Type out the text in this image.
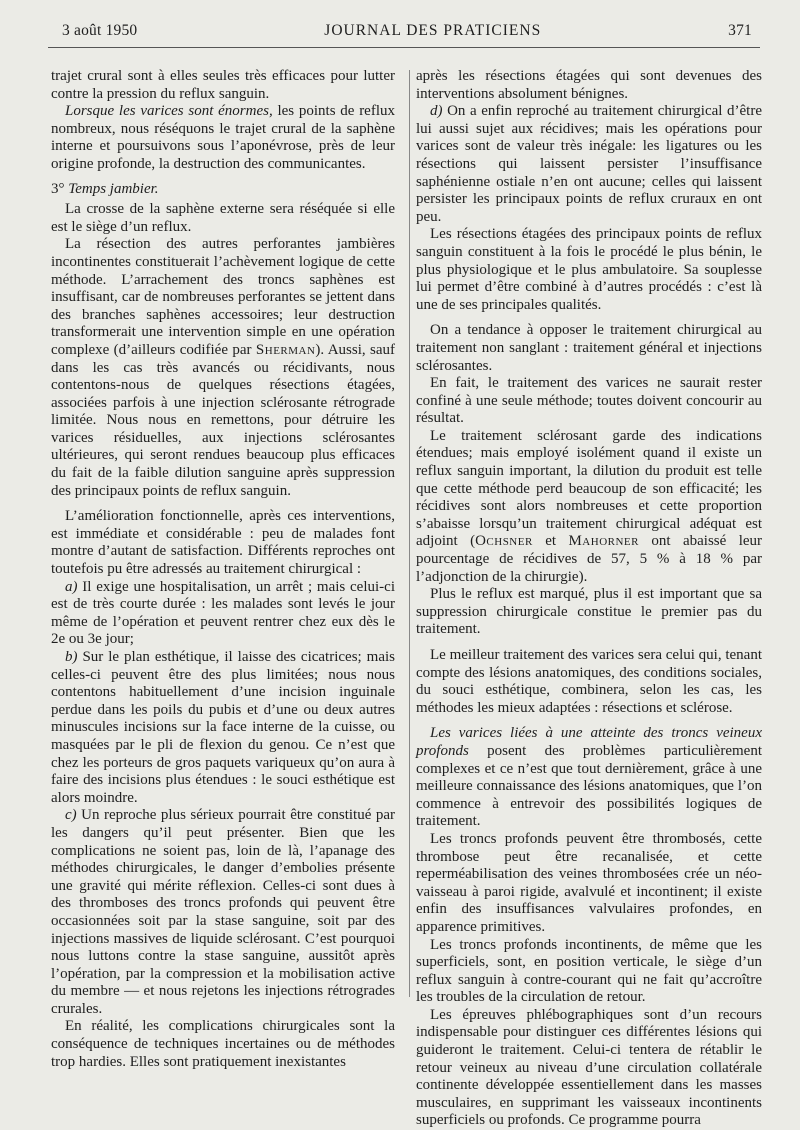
3 août 1950	JOURNAL DES PRATICIENS	371

trajet crural sont à elles seules très efficaces pour lutter contre la pression du reflux sanguin.

Lorsque les varices sont énormes, les points de reflux nombreux, nous réséquons le trajet crural de la saphène interne et poursuivons sous l’aponévrose, près de leur origine profonde, la destruction des communicantes.

3° Temps jambier.

La crosse de la saphène externe sera réséquée si elle est le siège d’un reflux.

La résection des autres perforantes jambières incontinentes constituerait l’achèvement logique de cette méthode. L’arrachement des troncs saphènes est insuffisant, car de nombreuses perforantes se jettent dans des branches saphènes accessoires; leur destruction transformerait une intervention simple en une opération complexe (d’ailleurs codifiée par Sherman). Aussi, sauf dans les cas très avancés ou récidivants, nous contentons-nous de quelques résections étagées, associées parfois à une injection sclérosante rétrograde limitée. Nous nous en remettons, pour détruire les varices résiduelles, aux injections sclérosantes ultérieures, qui seront rendues beaucoup plus efficaces du fait de la faible dilution sanguine après suppression des principaux points de reflux sanguin.

L’amélioration fonctionnelle, après ces interventions, est immédiate et considérable : peu de malades font montre d’autant de satisfaction. Différents reproches ont toutefois pu être adressés au traitement chirurgical :

a) Il exige une hospitalisation, un arrêt ; mais celui-ci est de très courte durée : les malades sont levés le jour même de l’opération et peuvent rentrer chez eux dès le 2e ou 3e jour;

b) Sur le plan esthétique, il laisse des cicatrices; mais celles-ci peuvent être des plus limitées; nous nous contentons habituellement d’une incision inguinale perdue dans les poils du pubis et d’une ou deux autres minuscules incisions sur la face interne de la cuisse, ou masquées par le pli de flexion du genou. Ce n’est que chez les porteurs de gros paquets variqueux qu’on aura à faire des incisions plus étendues : le souci esthétique est alors moindre.

c) Un reproche plus sérieux pourrait être constitué par les dangers qu’il peut présenter. Bien que les complications ne soient pas, loin de là, l’apanage des méthodes chirurgicales, le danger d’embolies présente une gravité qui mérite réflexion. Celles-ci sont dues à des thromboses des troncs profonds qui peuvent être occasionnées soit par la stase sanguine, soit par des injections massives de liquide sclérosant. C’est pourquoi nous luttons contre la stase sanguine, aussitôt après l’opération, par la compression et la mobilisation active du membre — et nous rejetons les injections rétrogrades crurales.

En réalité, les complications chirurgicales sont la conséquence de techniques incertaines ou de méthodes trop hardies. Elles sont pratiquement inexistantes

après les résections étagées qui sont devenues des interventions absolument bénignes.

d) On a enfin reproché au traitement chirurgical d’être lui aussi sujet aux récidives; mais les opérations pour varices sont de valeur très inégale: les ligatures ou les résections qui laissent persister l’insuffisance saphénienne ostiale n’en ont aucune; celles qui laissent persister les principaux points de reflux cruraux en ont peu.

Les résections étagées des principaux points de reflux sanguin constituent à la fois le procédé le plus bénin, le plus physiologique et le plus ambulatoire. Sa souplesse lui permet d’être combiné à d’autres procédés : c’est là une de ses principales qualités.

On a tendance à opposer le traitement chirurgical au traitement non sanglant : traitement général et injections sclérosantes.

En fait, le traitement des varices ne saurait rester confiné à une seule méthode; toutes doivent concourir au résultat.

Le traitement sclérosant garde des indications étendues; mais employé isolément quand il existe un reflux sanguin important, la dilution du produit est telle que cette méthode perd beaucoup de son efficacité; les récidives sont alors nombreuses et cette proportion s’abaisse lorsqu’un traitement chirurgical adéquat est adjoint (Ochsner et Mahorner ont abaissé leur pourcentage de récidives de 57, 5 % à 18 % par l’adjonction de la chirurgie).

Plus le reflux est marqué, plus il est important que sa suppression chirurgicale constitue le premier pas du traitement.

Le meilleur traitement des varices sera celui qui, tenant compte des lésions anatomiques, des conditions sociales, du souci esthétique, combinera, selon les cas, les méthodes les mieux adaptées : résections et sclérose.

Les varices liées à une atteinte des troncs veineux profonds posent des problèmes particulièrement complexes et ce n’est que tout dernièrement, grâce à une meilleure connaissance des lésions anatomiques, que l’on commence à entrevoir des possibilités logiques de traitement.

Les troncs profonds peuvent être thrombosés, cette thrombose peut être recanalisée, et cette reperméabilisation des veines thrombosées crée un néo-vaisseau à paroi rigide, avalvulé et incontinent; il existe enfin des insuffisances valvulaires profondes, en apparence primitives.

Les troncs profonds incontinents, de même que les superficiels, sont, en position verticale, le siège d’un reflux sanguin à contre-courant qui ne fait qu’accroître les troubles de la circulation de retour.

Les épreuves phlébographiques sont d’un recours indispensable pour distinguer ces différentes lésions qui guideront le traitement. Celui-ci tentera de rétablir le retour veineux au niveau d’une circulation collatérale continente développée essentiellement dans les masses musculaires, en supprimant les vaisseaux incontinents superficiels ou profonds. Ce programme pourra
